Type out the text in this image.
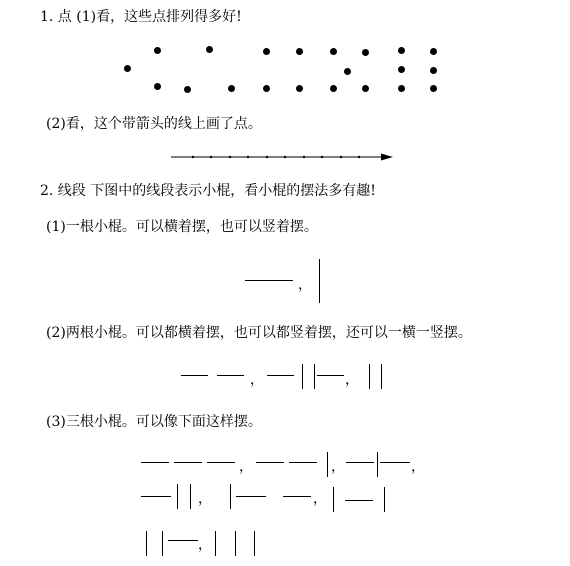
1. 点 (1)看，这些点排列得多好!
(2)看，这个带箭头的线上画了点。
2. 线段 下图中的线段表示小棍，看小棍的摆法多有趣!
(1)一根小棍。可以横着摆，也可以竖着摆。
，
(2)两根小棍。可以都横着摆，也可以都竖着摆，还可以一横一竖摆。
，	，
(3)三根小棍。可以像下面这样摆。
，	，	，
，	，
，
